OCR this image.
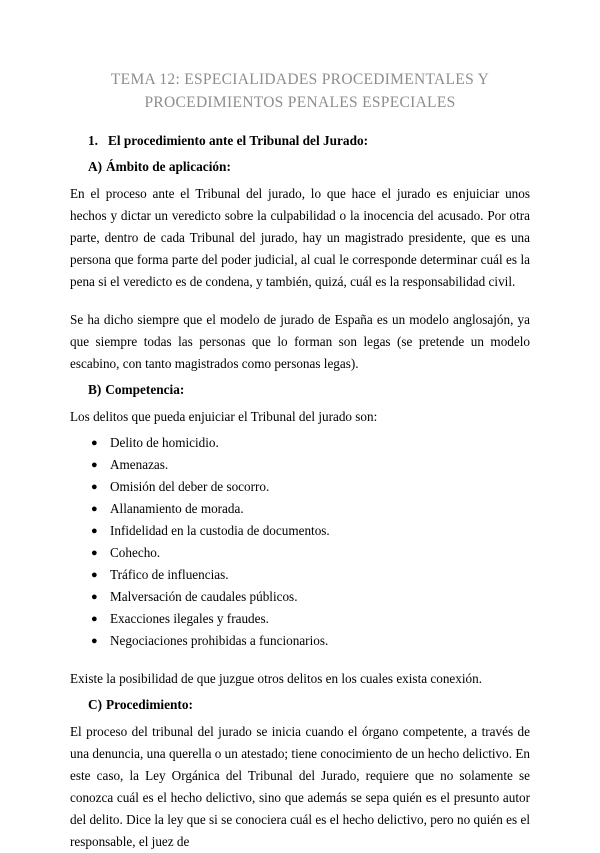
TEMA 12: ESPECIALIDADES PROCEDIMENTALES Y
PROCEDIMIENTOS PENALES ESPECIALES
1. El procedimiento ante el Tribunal del Jurado:
A) Ámbito de aplicación:

En el proceso ante el Tribunal del jurado, lo que hace el jurado es enjuiciar unos hechos y dictar un veredicto sobre la culpabilidad o la inocencia del acusado. Por otra parte, dentro de cada Tribunal del jurado, hay un magistrado presidente, que es una persona que forma parte del poder judicial, al cual le corresponde determinar cuál es la pena si el veredicto es de condena, y también, quizá, cuál es la responsabilidad civil.

Se ha dicho siempre que el modelo de jurado de España es un modelo anglosajón, ya que siempre todas las personas que lo forman son legas (se pretende un modelo escabino, con tanto magistrados como personas legas).

B) Competencia:

Los delitos que pueda enjuiciar el Tribunal del jurado son:

● Delito de homicidio.
● Amenazas.
● Omisión del deber de socorro.
● Allanamiento de morada.
● Infidelidad en la custodia de documentos.
● Cohecho.
● Tráfico de influencias.
● Malversación de caudales públicos.
● Exacciones ilegales y fraudes.
● Negociaciones prohibidas a funcionarios.

Existe la posibilidad de que juzgue otros delitos en los cuales exista conexión.

C) Procedimiento:

El proceso del tribunal del jurado se inicia cuando el órgano competente, a través de una denuncia, una querella o un atestado; tiene conocimiento de un hecho delictivo. En este caso, la Ley Orgánica del Tribunal del Jurado, requiere que no solamente se conozca cuál es el hecho delictivo, sino que además se sepa quién es el presunto autor del delito. Dice la ley que si se conociera cuál es el hecho delictivo, pero no quién es el responsable, el juez de
